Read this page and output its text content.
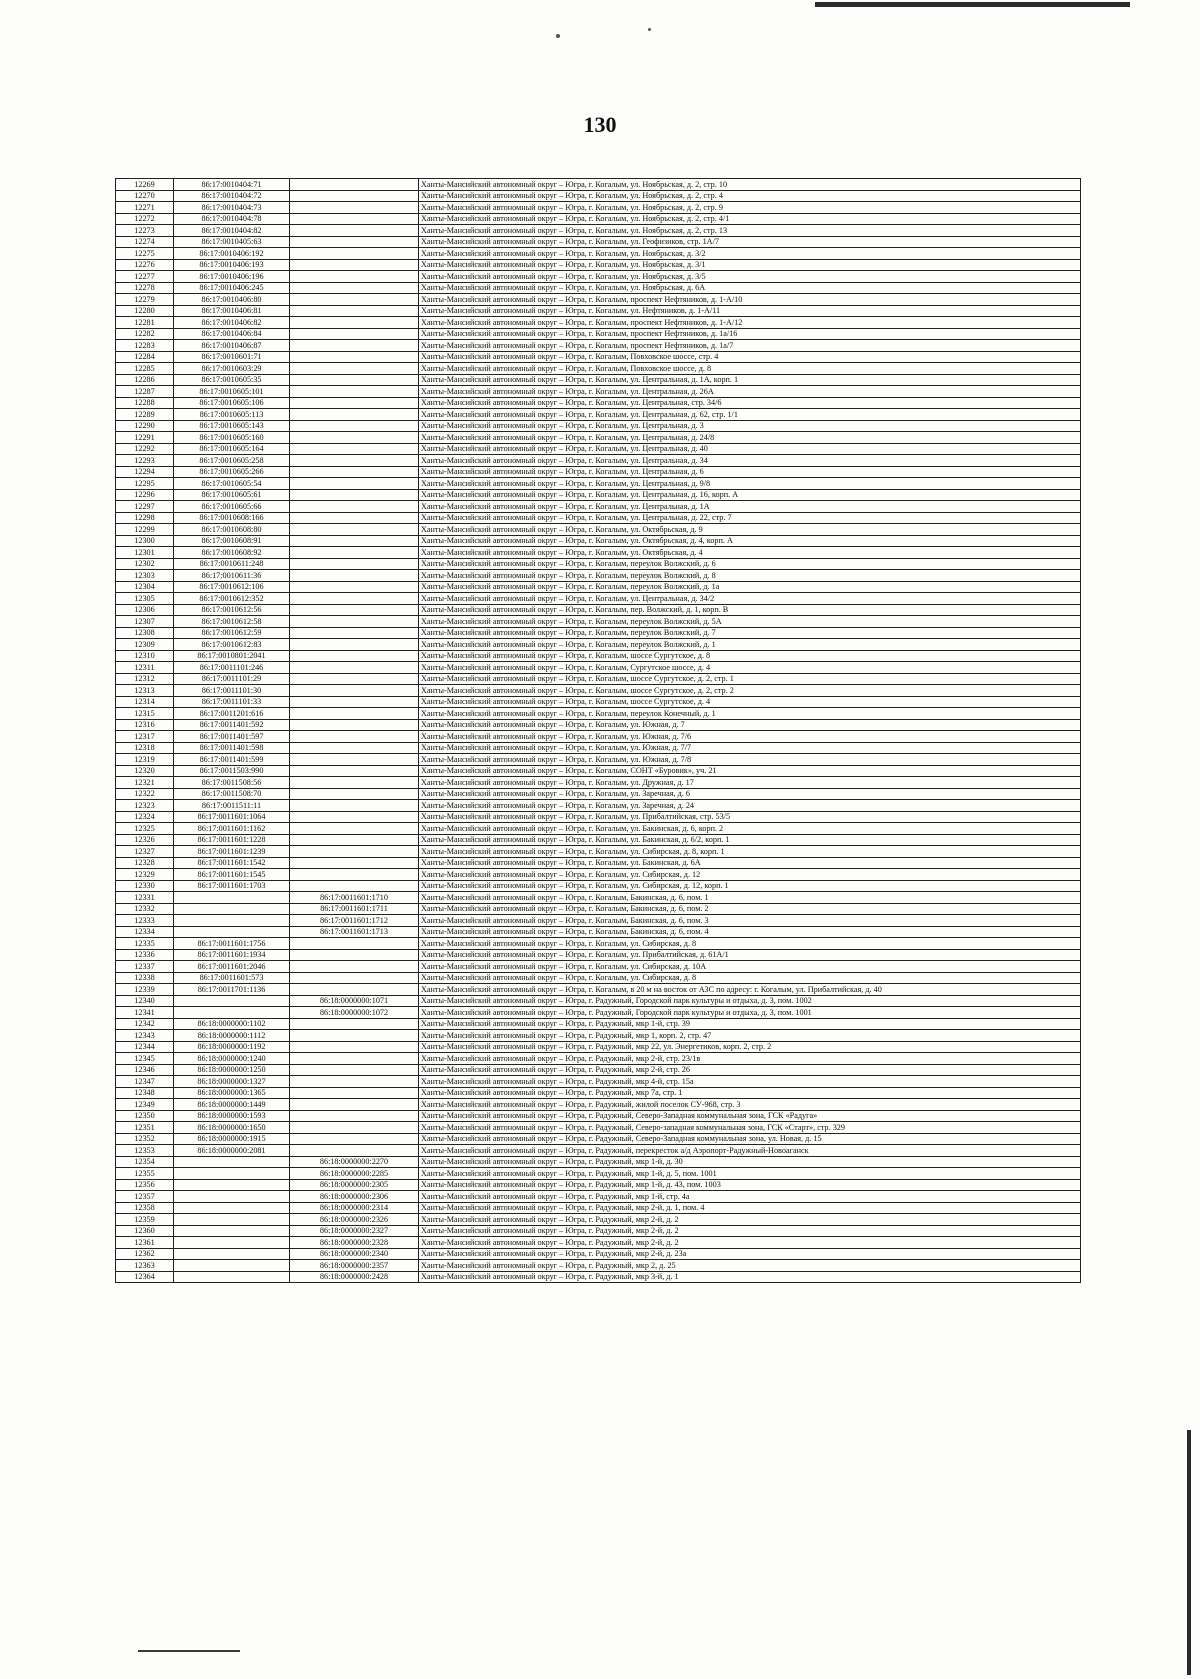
130
12269	86:17:0010404:71		Ханты-Мансийский автономный округ – Югра, г. Когалым, ул. Ноябрьская, д. 2, стр. 10
12270	86:17:0010404:72		Ханты-Мансийский автономный округ – Югра, г. Когалым, ул. Ноябрьская, д. 2, стр. 4
12271	86:17:0010404:73		Ханты-Мансийский автономный округ – Югра, г. Когалым, ул. Ноябрьская, д. 2, стр. 9
12272	86:17:0010404:78		Ханты-Мансийский автономный округ – Югра, г. Когалым, ул. Ноябрьская, д. 2, стр. 4/1
12273	86:17:0010404:82		Ханты-Мансийский автономный округ – Югра, г. Когалым, ул. Ноябрьская, д. 2, стр. 13
12274	86:17:0010405:63		Ханты-Мансийский автономный округ – Югра, г. Когалым, ул. Геофизиков, стр. 1А/7
12275	86:17:0010406:192		Ханты-Мансийский автономный округ – Югра, г. Когалым, ул. Ноябрьская, д. 3/2
12276	86:17:0010406:193		Ханты-Мансийский автономный округ – Югра, г. Когалым, ул. Ноябрьская, д. 3/1
12277	86:17:0010406:196		Ханты-Мансийский автономный округ – Югра, г. Когалым, ул. Ноябрьская, д. 3/5
12278	86:17:0010406:245		Ханты-Мансийский автономный округ – Югра, г. Когалым, ул. Ноябрьская, д. 6А
12279	86:17:0010406:80		Ханты-Мансийский автономный округ – Югра, г. Когалым, проспект Нефтяников, д. 1-А/10
12280	86:17:0010406:81		Ханты-Мансийский автономный округ – Югра, г. Когалым, ул. Нефтяников, д. 1-А/11
12281	86:17:0010406:82		Ханты-Мансийский автономный округ – Югра, г. Когалым, проспект Нефтяников, д. 1-А/12
12282	86:17:0010406:84		Ханты-Мансийский автономный округ – Югра, г. Когалым, проспект Нефтяников, д. 1а/16
12283	86:17:0010406:87		Ханты-Мансийский автономный округ – Югра, г. Когалым, проспект Нефтяников, д. 1а/7
12284	86:17:0010601:71		Ханты-Мансийский автономный округ – Югра, г. Когалым, Повховское шоссе, стр. 4
12285	86:17:0010603:29		Ханты-Мансийский автономный округ – Югра, г. Когалым, Повховское шоссе, д. 8
12286	86:17:0010605:35		Ханты-Мансийский автономный округ – Югра, г. Когалым, ул. Центральная, д. 1А, корп. 1
12287	86:17:0010605:101		Ханты-Мансийский автономный округ – Югра, г. Когалым, ул. Центральная, д. 26А
12288	86:17:0010605:106		Ханты-Мансийский автономный округ – Югра, г. Когалым, ул. Центральная, стр. 34/6
12289	86:17:0010605:113		Ханты-Мансийский автономный округ – Югра, г. Когалым, ул. Центральная, д. 62, стр. 1/1
12290	86:17:0010605:143		Ханты-Мансийский автономный округ – Югра, г. Когалым, ул. Центральная, д. 3
12291	86:17:0010605:160		Ханты-Мансийский автономный округ – Югра, г. Когалым, ул. Центральная, д. 24/8
12292	86:17:0010605:164		Ханты-Мансийский автономный округ – Югра, г. Когалым, ул. Центральная, д. 40
12293	86:17:0010605:258		Ханты-Мансийский автономный округ – Югра, г. Когалым, ул. Центральная, д. 34
12294	86:17:0010605:266		Ханты-Мансийский автономный округ – Югра, г. Когалым, ул. Центральная, д. 6
12295	86:17:0010605:54		Ханты-Мансийский автономный округ – Югра, г. Когалым, ул. Центральная, д. 9/8
12296	86:17:0010605:61		Ханты-Мансийский автономный округ – Югра, г. Когалым, ул. Центральная, д. 16, корп. А
12297	86:17:0010605:66		Ханты-Мансийский автономный округ – Югра, г. Когалым, ул. Центральная, д. 1А
12298	86:17:0010608:166		Ханты-Мансийский автономный округ – Югра, г. Когалым, ул. Центральная, д. 22, стр. 7
12299	86:17:0010608:80		Ханты-Мансийский автономный округ – Югра, г. Когалым, ул. Октябрьская, д. 9
12300	86:17:0010608:91		Ханты-Мансийский автономный округ – Югра, г. Когалым, ул. Октябрьская, д. 4, корп. А
12301	86:17:0010608:92		Ханты-Мансийский автономный округ – Югра, г. Когалым, ул. Октябрьская, д. 4
12302	86:17:0010611:248		Ханты-Мансийский автономный округ – Югра, г. Когалым, переулок Волжский, д. 6
12303	86:17:0010611:36		Ханты-Мансийский автономный округ – Югра, г. Когалым, переулок Волжский, д. 8
12304	86:17:0010612:106		Ханты-Мансийский автономный округ – Югра, г. Когалым, переулок Волжский, д. 1а
12305	86:17:0010612:352		Ханты-Мансийский автономный округ – Югра, г. Когалым, ул. Центральная, д. 34/2
12306	86:17:0010612:56		Ханты-Мансийский автономный округ – Югра, г. Когалым, пер. Волжский, д. 1, корп. В
12307	86:17:0010612:58		Ханты-Мансийский автономный округ – Югра, г. Когалым, переулок Волжский, д. 5А
12308	86:17:0010612:59		Ханты-Мансийский автономный округ – Югра, г. Когалым, переулок Волжский, д. 7
12309	86:17:0010612:83		Ханты-Мансийский автономный округ – Югра, г. Когалым, переулок Волжский, д. 1
12310	86:17:0010801:2041		Ханты-Мансийский автономный округ – Югра, г. Когалым, шоссе Сургутское, д. 8
12311	86:17:0011101:246		Ханты-Мансийский автономный округ – Югра, г. Когалым, Сургутское шоссе, д. 4
12312	86:17:0011101:29		Ханты-Мансийский автономный округ – Югра, г. Когалым, шоссе Сургутское, д. 2, стр. 1
12313	86:17:0011101:30		Ханты-Мансийский автономный округ – Югра, г. Когалым, шоссе Сургутское, д. 2, стр. 2
12314	86:17:0011101:33		Ханты-Мансийский автономный округ – Югра, г. Когалым, шоссе Сургутское, д. 4
12315	86:17:0011201:616		Ханты-Мансийский автономный округ – Югра, г. Когалым, переулок Конечный, д. 1
12316	86:17:0011401:592		Ханты-Мансийский автономный округ – Югра, г. Когалым, ул. Южная, д. 7
12317	86:17:0011401:597		Ханты-Мансийский автономный округ – Югра, г. Когалым, ул. Южная, д. 7/6
12318	86:17:0011401:598		Ханты-Мансийский автономный округ – Югра, г. Когалым, ул. Южная, д. 7/7
12319	86:17:0011401:599		Ханты-Мансийский автономный округ – Югра, г. Когалым, ул. Южная, д. 7/8
12320	86:17:0011503:990		Ханты-Мансийский автономный округ – Югра, г. Когалым, СОНТ «Буровик», уч. 21
12321	86:17:0011508:56		Ханты-Мансийский автономный округ – Югра, г. Когалым, ул. Дружная, д. 17
12322	86:17:0011508:70		Ханты-Мансийский автономный округ – Югра, г. Когалым, ул. Заречная, д. 6
12323	86:17:0011511:11		Ханты-Мансийский автономный округ – Югра, г. Когалым, ул. Заречная, д. 24
12324	86:17:0011601:1064		Ханты-Мансийский автономный округ – Югра, г. Когалым, ул. Прибалтийская, стр. 53/5
12325	86:17:0011601:1162		Ханты-Мансийский автономный округ – Югра, г. Когалым, ул. Бакинская, д. 6, корп. 2
12326	86:17:0011601:1228		Ханты-Мансийский автономный округ – Югра, г. Когалым, ул. Бакинская, д. 6/2, корп. 1
12327	86:17:0011601:1239		Ханты-Мансийский автономный округ – Югра, г. Когалым, ул. Сибирская, д. 8, корп. 1
12328	86:17:0011601:1542		Ханты-Мансийский автономный округ – Югра, г. Когалым, ул. Бакинская, д. 6А
12329	86:17:0011601:1545		Ханты-Мансийский автономный округ – Югра, г. Когалым, ул. Сибирская, д. 12
12330	86:17:0011601:1703		Ханты-Мансийский автономный округ – Югра, г. Когалым, ул. Сибирская, д. 12, корп. 1
12331		86:17:0011601:1710	Ханты-Мансийский автономный округ – Югра, г. Когалым, Бакинская, д. 6, пом. 1
12332		86:17:0011601:1711	Ханты-Мансийский автономный округ – Югра, г. Когалым, Бакинская, д. 6, пом. 2
12333		86:17:0011601:1712	Ханты-Мансийский автономный округ – Югра, г. Когалым, Бакинская, д. 6, пом. 3
12334		86:17:0011601:1713	Ханты-Мансийский автономный округ – Югра, г. Когалым, Бакинская, д. 6, пом. 4
12335	86:17:0011601:1756		Ханты-Мансийский автономный округ – Югра, г. Когалым, ул. Сибирская, д. 8
12336	86:17:0011601:1934		Ханты-Мансийский автономный округ – Югра, г. Когалым, ул. Прибалтийская, д. 61А/1
12337	86:17:0011601:2046		Ханты-Мансийский автономный округ – Югра, г. Когалым, ул. Сибирская, д. 10А
12338	86:17:0011601:573		Ханты-Мансийский автономный округ – Югра, г. Когалым, ул. Сибирская, д. 8
12339	86:17:0011701:1136		Ханты-Мансийский автономный округ – Югра, г. Когалым, в 20 м на восток от АЗС по адресу: г. Когалым, ул. Прибалтийская, д. 40
12340		86:18:0000000:1071	Ханты-Мансийский автономный округ – Югра, г. Радужный, Городской парк культуры и отдыха, д. 3, пом. 1002
12341		86:18:0000000:1072	Ханты-Мансийский автономный округ – Югра, г. Радужный, Городской парк культуры и отдыха, д. 3, пом. 1001
12342	86:18:0000000:1102		Ханты-Мансийский автономный округ – Югра, г. Радужный, мкр 1-й, стр. 39
12343	86:18:0000000:1112		Ханты-Мансийский автономный округ – Югра, г. Радужный, мкр 1, корп. 2, стр. 47
12344	86:18:0000000:1192		Ханты-Мансийский автономный округ – Югра, г. Радужный, мкр 22, ул. Энергетиков, корп. 2, стр. 2
12345	86:18:0000000:1240		Ханты-Мансийский автономный округ – Югра, г. Радужный, мкр 2-й, стр. 23/1в
12346	86:18:0000000:1250		Ханты-Мансийский автономный округ – Югра, г. Радужный, мкр 2-й, стр. 26
12347	86:18:0000000:1327		Ханты-Мансийский автономный округ – Югра, г. Радужный, мкр 4-й, стр. 15а
12348	86:18:0000000:1365		Ханты-Мансийский автономный округ – Югра, г. Радужный, мкр 7а, стр. 1
12349	86:18:0000000:1449		Ханты-Мансийский автономный округ – Югра, г. Радужный, жилой поселок СУ-968, стр. 3
12350	86:18:0000000:1593		Ханты-Мансийский автономный округ – Югра, г. Радужный, Северо-Западная коммунальная зона, ГСК «Радуга»
12351	86:18:0000000:1650		Ханты-Мансийский автономный округ – Югра, г. Радужный, Северо-западная коммунальная зона, ГСК «Старт», стр. 329
12352	86:18:0000000:1915		Ханты-Мансийский автономный округ – Югра, г. Радужный, Северо-Западная коммунальная зона, ул. Новая, д. 15
12353	86:18:0000000:2081		Ханты-Мансийский автономный округ – Югра, г. Радужный, перекресток а/д Аэропорт-Радужный-Новоаганск
12354		86:18:0000000:2270	Ханты-Мансийский автономный округ – Югра, г. Радужный, мкр 1-й, д. 30
12355		86:18:0000000:2285	Ханты-Мансийский автономный округ – Югра, г. Радужный, мкр 1-й, д. 5, пом. 1001
12356		86:18:0000000:2305	Ханты-Мансийский автономный округ – Югра, г. Радужный, мкр 1-й, д. 43, пом. 1003
12357		86:18:0000000:2306	Ханты-Мансийский автономный округ – Югра, г. Радужный, мкр 1-й, стр. 4а
12358		86:18:0000000:2314	Ханты-Мансийский автономный округ – Югра, г. Радужный, мкр 2-й, д. 1, пом. 4
12359		86:18:0000000:2326	Ханты-Мансийский автономный округ – Югра, г. Радужный, мкр 2-й, д. 2
12360		86:18:0000000:2327	Ханты-Мансийский автономный округ – Югра, г. Радужный, мкр 2-й, д. 2
12361		86:18:0000000:2328	Ханты-Мансийский автономный округ – Югра, г. Радужный, мкр 2-й, д. 2
12362		86:18:0000000:2340	Ханты-Мансийский автономный округ – Югра, г. Радужный, мкр 2-й, д. 23а
12363		86:18:0000000:2357	Ханты-Мансийский автономный округ – Югра, г. Радужный, мкр 2, д. 25
12364		86:18:0000000:2428	Ханты-Мансийский автономный округ – Югра, г. Радужный, мкр 3-й, д. 1
